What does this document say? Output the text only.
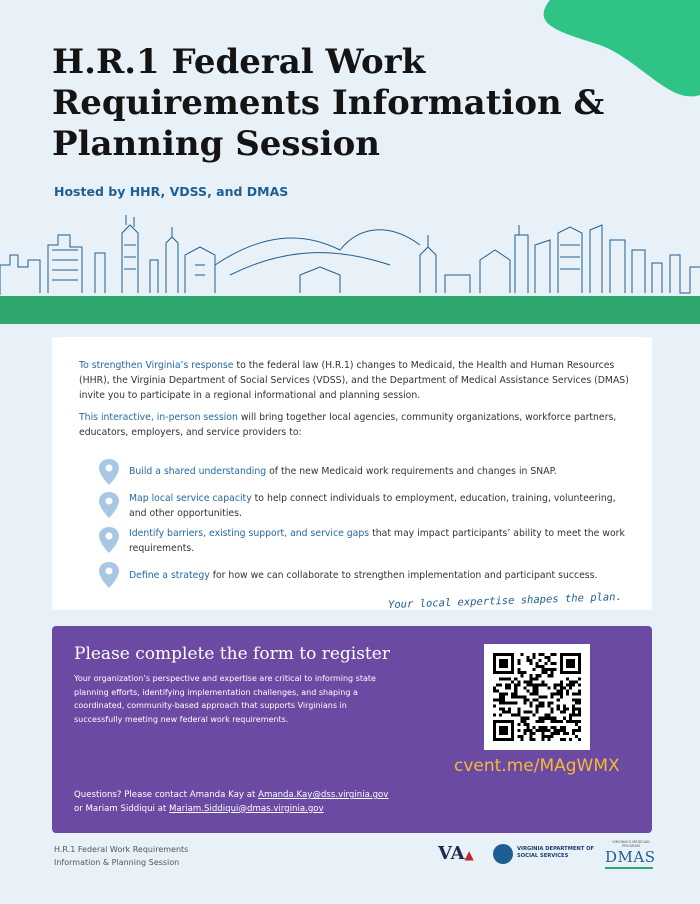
H.R.1 Federal Work
Requirements Information &
Planning Session
Hosted by HHR, VDSS, and DMAS

To strengthen Virginia’s response to the federal law (H.R.1) changes to Medicaid, the Health and Human Resources (HHR), the Virginia Department of Social Services (VDSS), and the Department of Medical Assistance Services (DMAS) invite you to participate in a regional informational and planning session.

This interactive, in-person session will bring together local agencies, community organizations, workforce partners, educators, employers, and service providers to:

Build a shared understanding of the new Medicaid work requirements and changes in SNAP.

Map local service capacity to help connect individuals to employment, education, training, volunteering, and other opportunities.

Identify barriers, existing support, and service gaps that may impact participants’ ability to meet the work requirements.

Define a strategy for how we can collaborate to strengthen implementation and participant success.

Your local expertise shapes the plan.
Please complete the form to register

Your organization’s perspective and expertise are critical to informing state planning efforts, identifying implementation challenges, and shaping a coordinated, community-based approach that supports Virginians in successfully meeting new federal work requirements.

Questions? Please contact Amanda Kay at Amanda.Kay@dss.virginia.gov
or Mariam Siddiqui at Mariam.Siddiqui@dmas.virginia.gov
cvent.me/MAgWMX
H.R.1 Federal Work Requirements
Information & Planning Session	VA▲	VIRGINIA DEPARTMENT OF
SOCIAL SERVICES
VIRGINIA'S MEDICAID PROGRAM
DMAS
